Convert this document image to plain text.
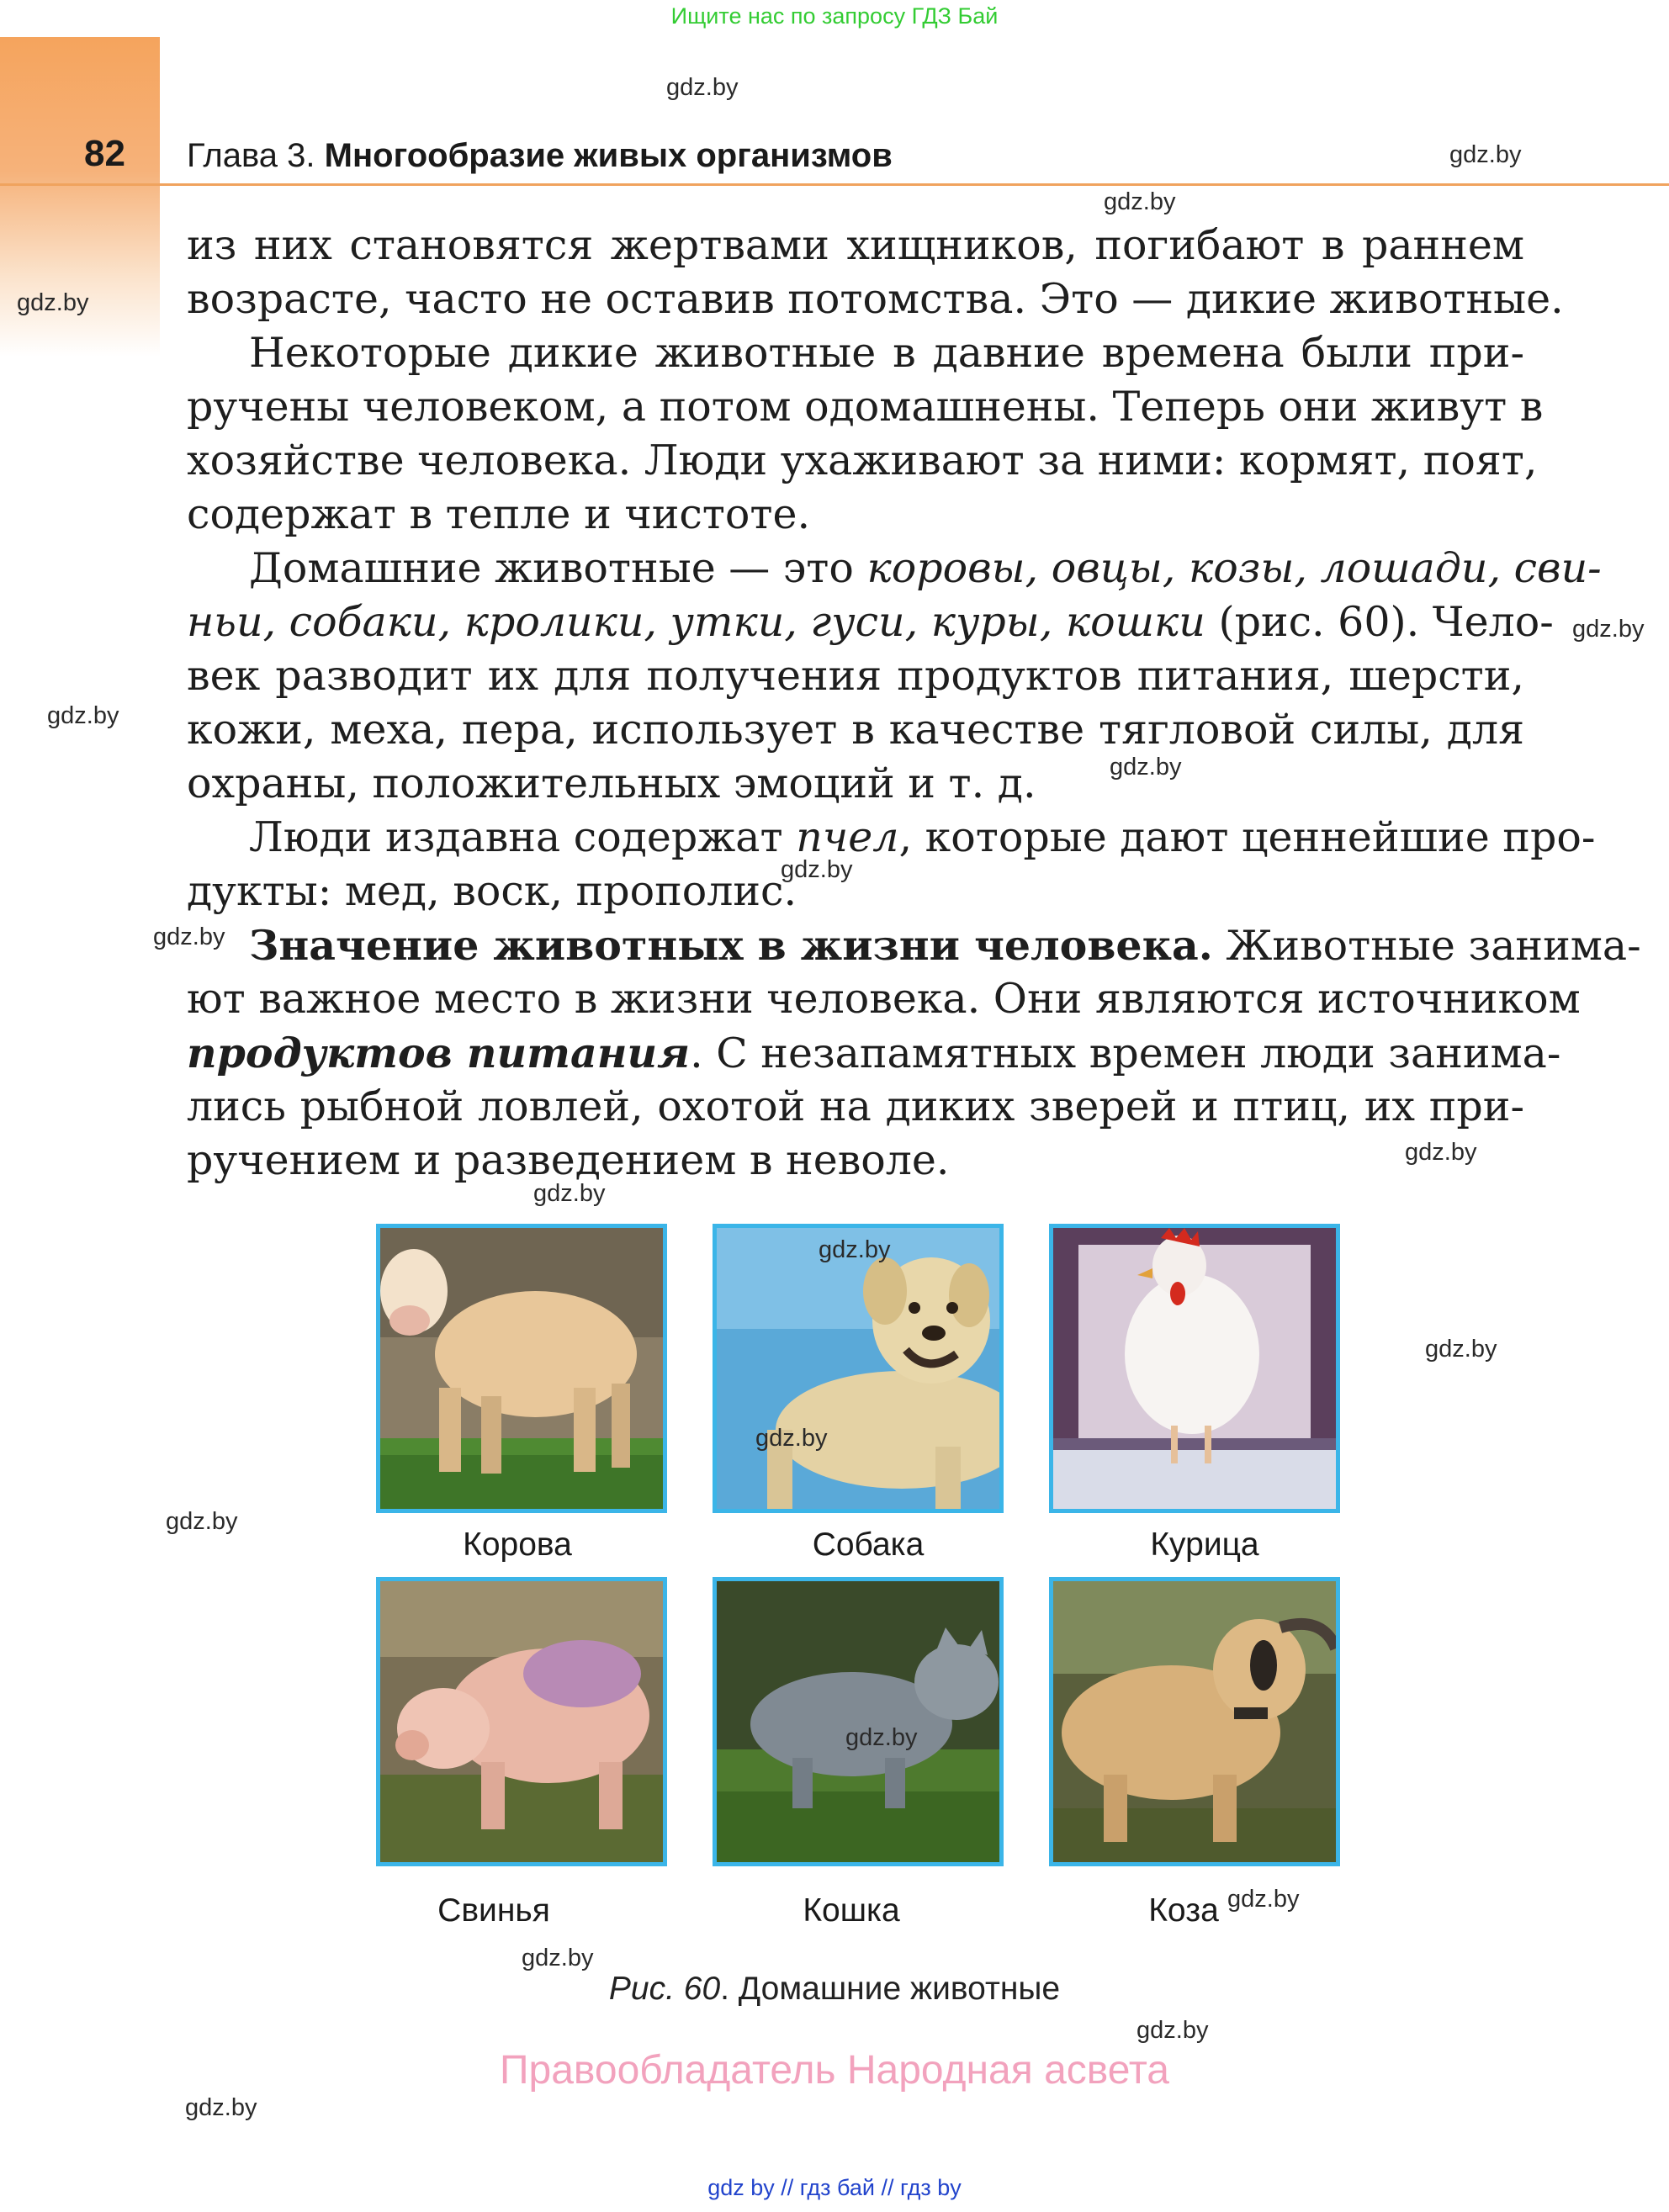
Ищите нас по запросу ГДЗ Бай
82 Глава 3. Многообразие живых организмов
из них становятся жертвами хищников, погибают в раннем
возрасте, часто не оставив потомства. Это — дикие животные.
Некоторые дикие животные в давние времена были при-
ручены человеком, а потом одомашнены. Теперь они живут в
хозяйстве человека. Люди ухаживают за ними: кормят, поят,
содержат в тепле и чистоте.
Домашние животные — это коровы, овцы, козы, лошади, сви-
ньи, собаки, кролики, утки, гуси, куры, кошки (рис. 60). Чело-
век разводит их для получения продуктов питания, шерсти,
кожи, меха, пера, использует в качестве тягловой силы, для
охраны, положительных эмоций и т. д.
Люди издавна содержат пчел, которые дают ценнейшие про-
дукты: мед, воск, прополис.
Значение животных в жизни человека. Животные занима-
ют важное место в жизни человека. Они являются источником
продуктов питания. С незапамятных времен люди занима-
лись рыбной ловлей, охотой на диких зверей и птиц, их при-
ручением и разведением в неволе.
Корова	Собака	Курица
Свинья	Кошка	Коза
Рис. 60. Домашние животные
gdz.by
gdz.by
gdz.by
gdz.by
gdz.by
gdz.by
gdz.by
gdz.by
gdz.by
gdz.by
gdz.by
gdz.by
gdz.by
gdz.by
gdz.by
gdz.by
gdz.by
gdz.by
gdz.by
gdz.by
Правообладатель Народная асвета
gdz by // гдз бай // гдз by
